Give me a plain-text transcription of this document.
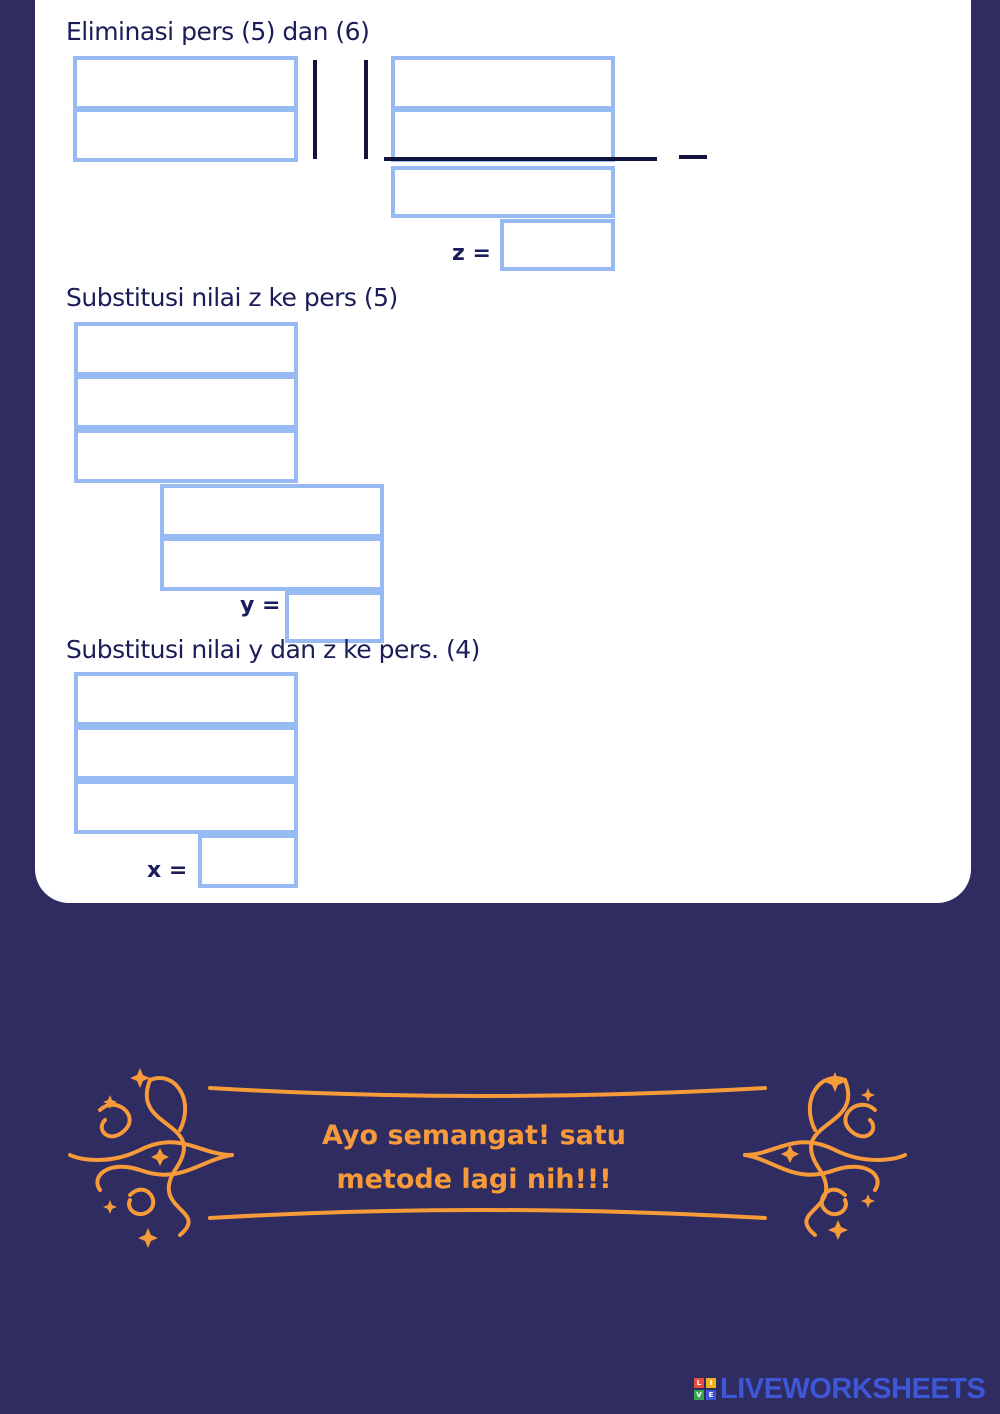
Eliminasi pers (5) dan (6)
z =
Substitusi nilai z ke pers (5)
y =
Substitusi nilai y dan z ke pers. (4)
x =
Ayo semangat! satu
metode lagi nih!!!
L	I
V E LIVEWORKSHEETS
